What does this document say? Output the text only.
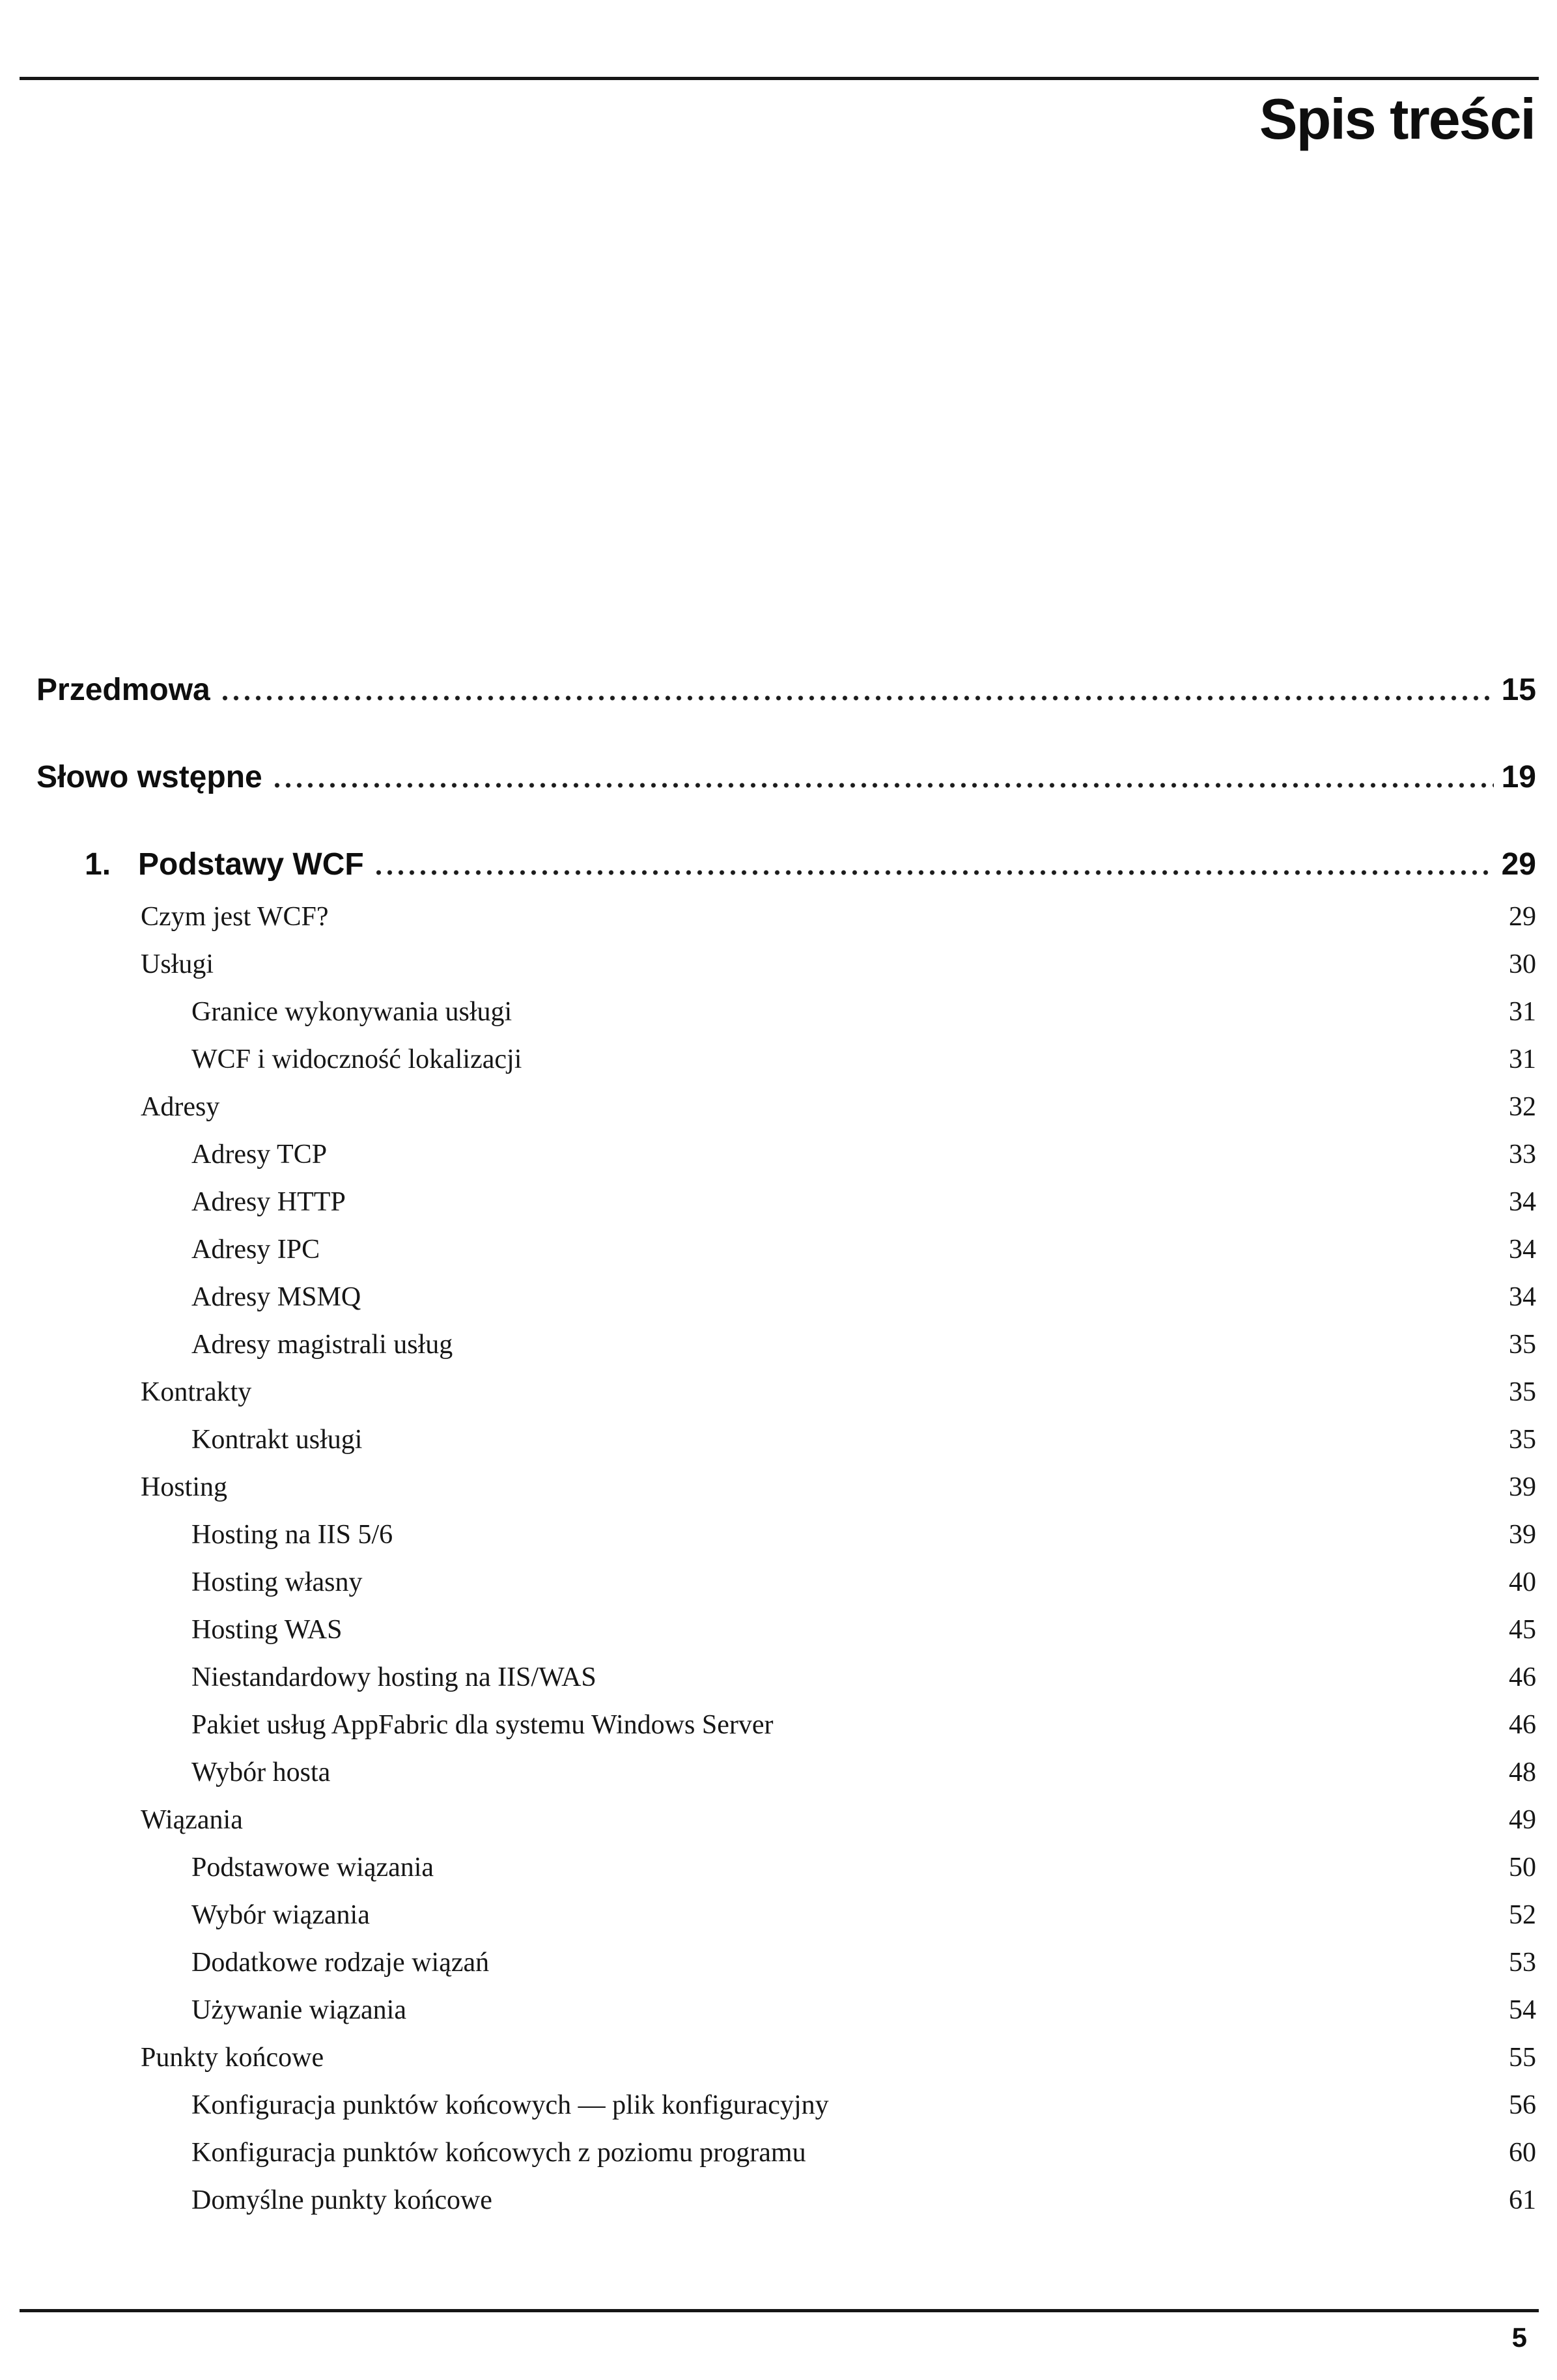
Spis treści
Przedmowa	15
Słowo wstępne	19
1. Podstawy WCF	29
Czym jest WCF?	29
Usługi	30
Granice wykonywania usługi	31
WCF i widoczność lokalizacji	31
Adresy	32
Adresy TCP	33
Adresy HTTP	34
Adresy IPC	34
Adresy MSMQ	34
Adresy magistrali usług	35
Kontrakty	35
Kontrakt usługi	35
Hosting	39
Hosting na IIS 5/6	39
Hosting własny	40
Hosting WAS	45
Niestandardowy hosting na IIS/WAS	46
Pakiet usług AppFabric dla systemu Windows Server	46
Wybór hosta	48
Wiązania	49
Podstawowe wiązania	50
Wybór wiązania	52
Dodatkowe rodzaje wiązań	53
Używanie wiązania	54
Punkty końcowe	55
Konfiguracja punktów końcowych — plik konfiguracyjny	56
Konfiguracja punktów końcowych z poziomu programu	60
Domyślne punkty końcowe	61
5
